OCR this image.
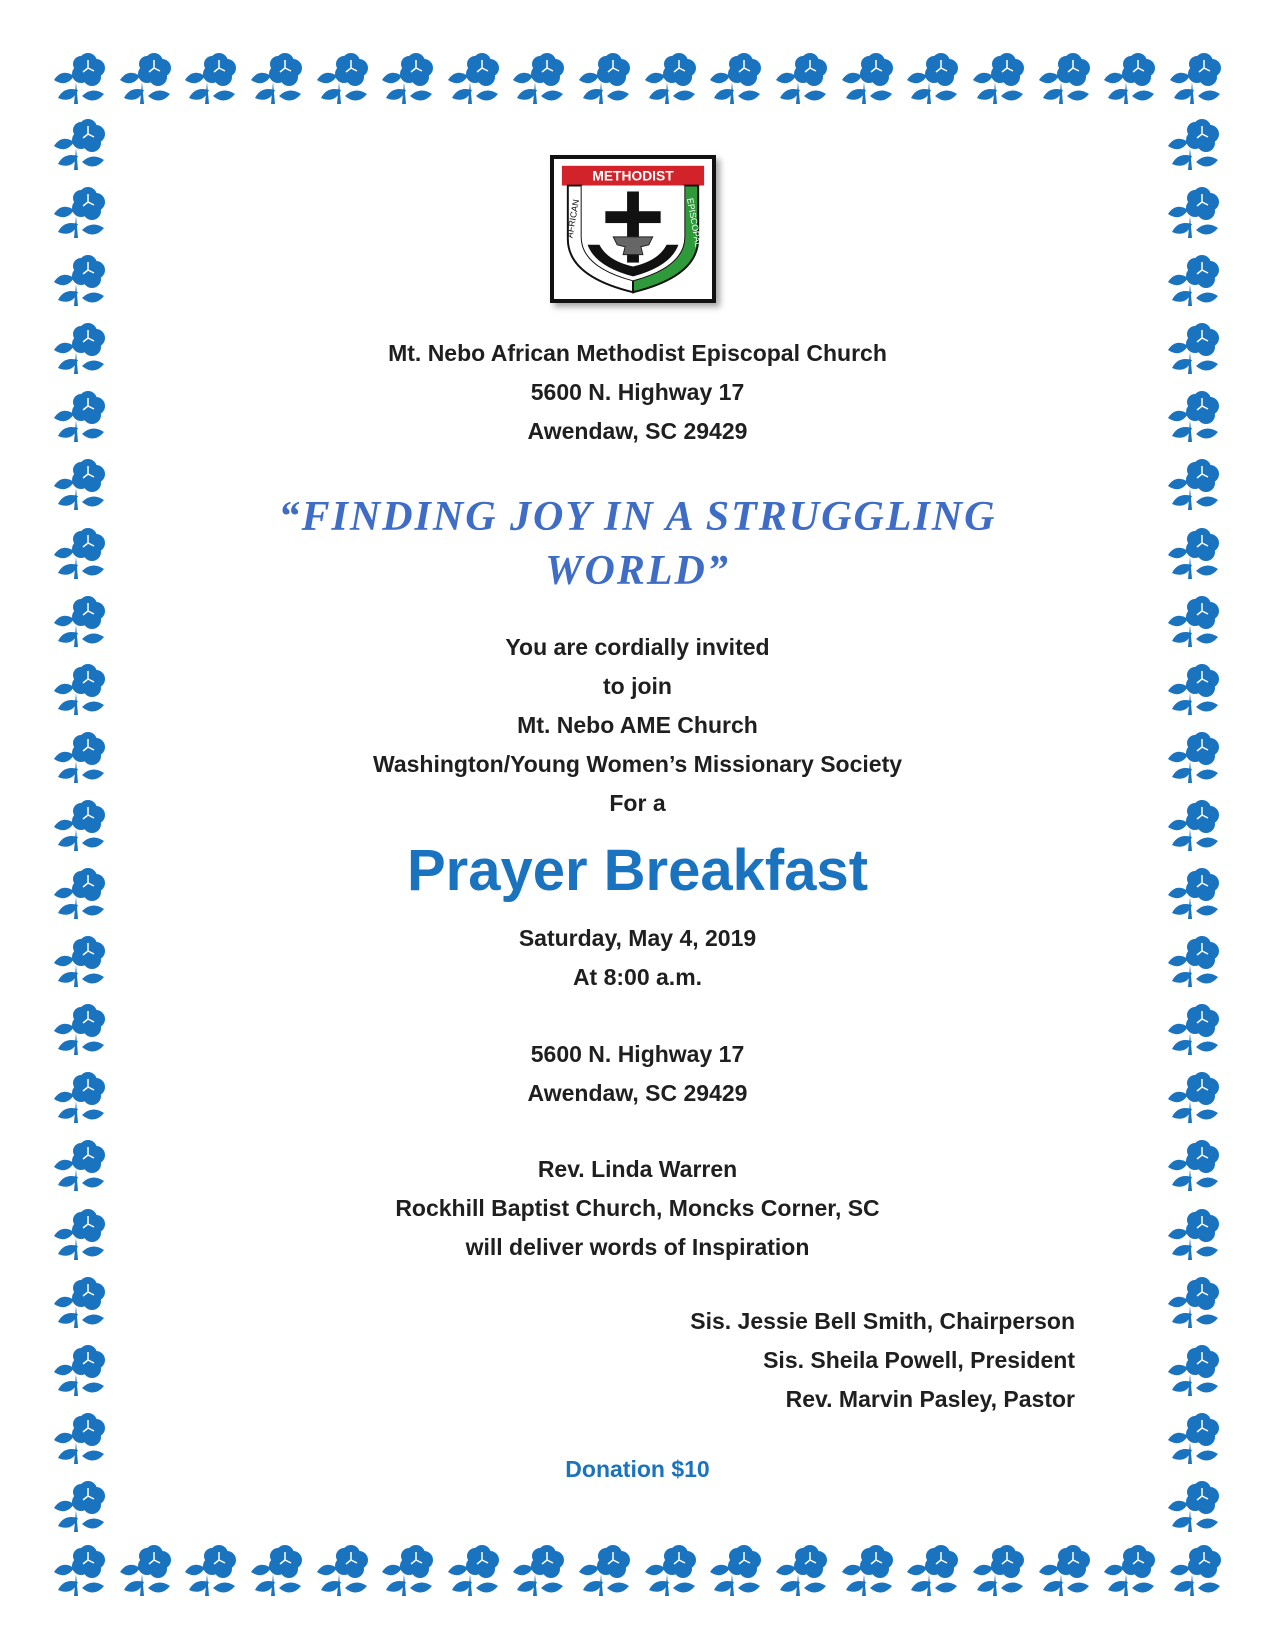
METHODIST
AFRICAN	EPISCOPAL
Mt. Nebo African Methodist Episcopal Church
5600 N. Highway 17
Awendaw, SC 29429
“FINDING JOY IN A STRUGGLING
WORLD”
You are cordially invited
to join
Mt. Nebo AME Church
Washington/Young Women’s Missionary Society
For a
Prayer Breakfast
Saturday, May 4, 2019
At 8:00 a.m.
5600 N. Highway 17
Awendaw, SC 29429
Rev. Linda Warren
Rockhill Baptist Church, Moncks Corner, SC
will deliver words of Inspiration
Sis. Jessie Bell Smith, Chairperson
Sis. Sheila Powell, President
Rev. Marvin Pasley, Pastor
Donation $10
